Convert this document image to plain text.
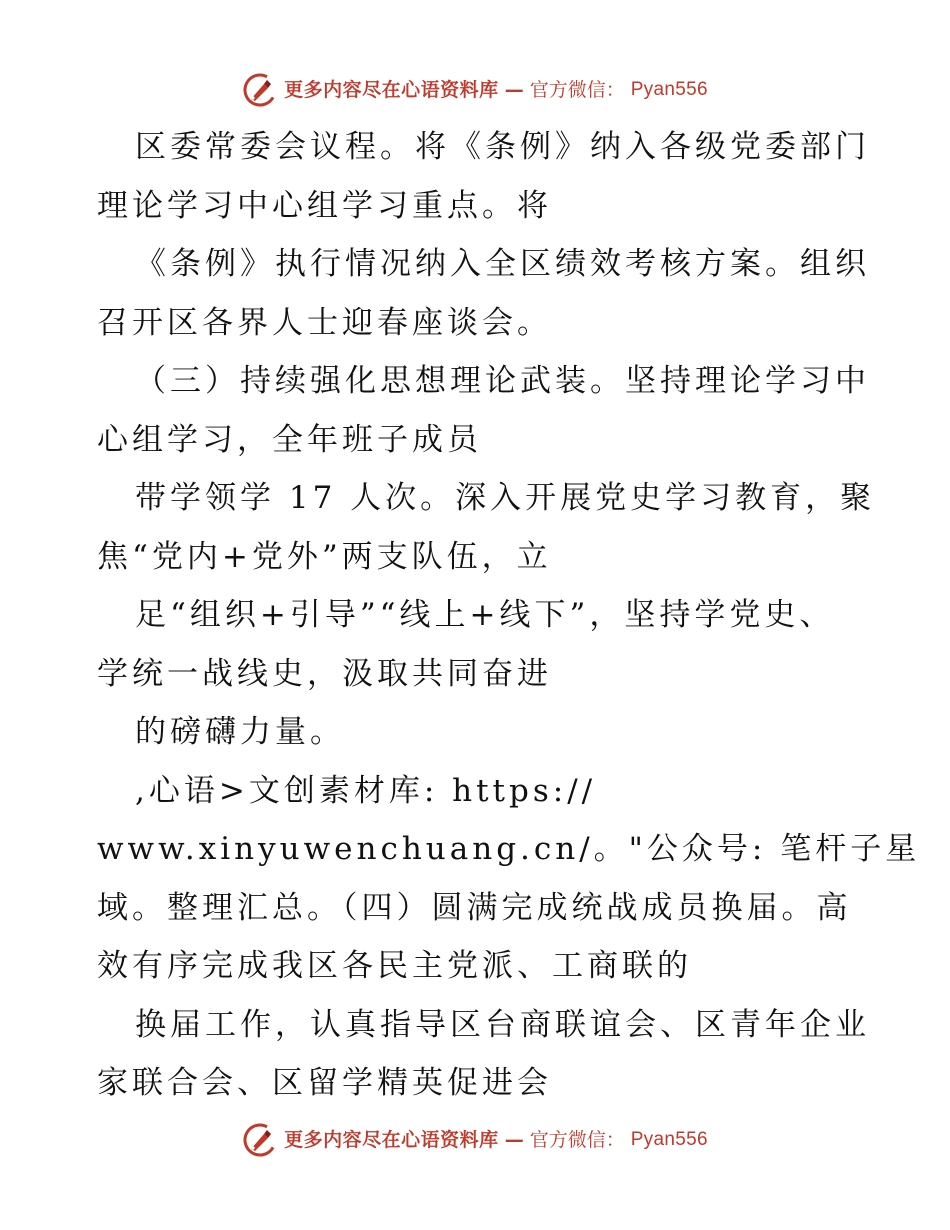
更多内容尽在心语资料库 — 官方微信： Pyan556
区委常委会议程。将《条例》纳入各级党委部门
理论学习中心组学习重点。将
《条例》执行情况纳入全区绩效考核方案。组织
召开区各界人士迎春座谈会。
（三）持续强化思想理论武装。坚持理论学习中
心组学习，全年班子成员
带学领学 17 人次。深入开展党史学习教育，聚
焦“党内+党外”两支队伍，立
足“组织+引导”“线上+线下”，坚持学党史、
学统一战线史，汲取共同奋进
的磅礴力量。
,心语>文创素材库: https://
www.xinyuwenchuang.cn/。"公众号: 笔杆子星
域。整理汇总。（四）圆满完成统战成员换届。高
效有序完成我区各民主党派、工商联的
换届工作，认真指导区台商联谊会、区青年企业
家联合会、区留学精英促进会
更多内容尽在心语资料库 — 官方微信： Pyan556
